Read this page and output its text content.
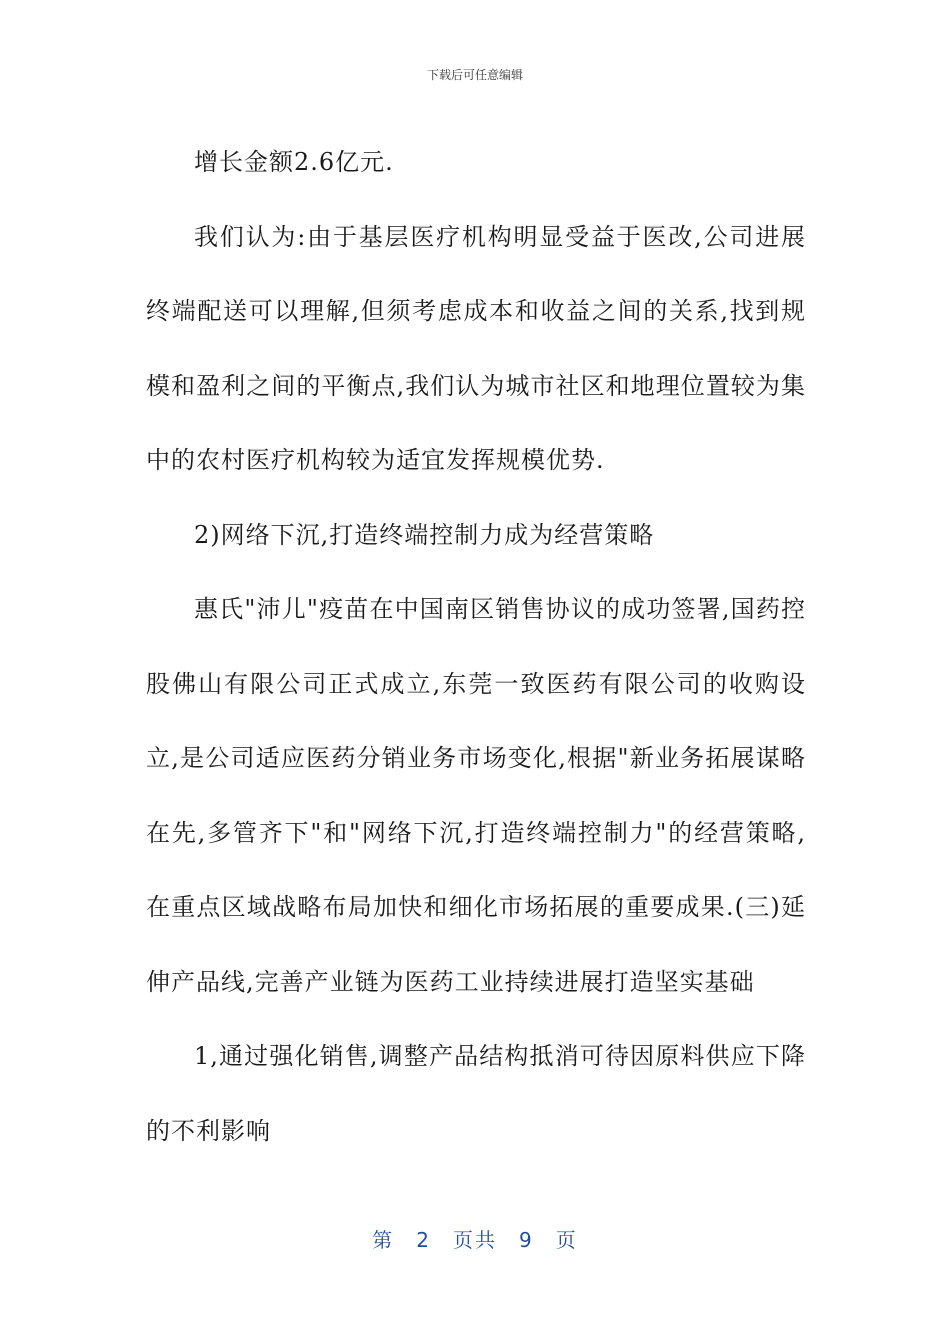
下载后可任意编辑

增长金额2.6亿元.

我们认为:由于基层医疗机构明显受益于医改,公司进展终端配送可以理解,但须考虑成本和收益之间的关系,找到规模和盈利之间的平衡点,我们认为城市社区和地理位置较为集中的农村医疗机构较为适宜发挥规模优势.

2)网络下沉,打造终端控制力成为经营策略

惠氏"沛儿"疫苗在中国南区销售协议的成功签署,国药控股佛山有限公司正式成立,东莞一致医药有限公司的收购设立,是公司适应医药分销业务市场变化,根据"新业务拓展谋略在先,多管齐下"和"网络下沉,打造终端控制力"的经营策略,在重点区域战略布局加快和细化市场拓展的重要成果.(三)延伸产品线,完善产业链为医药工业持续进展打造坚实基础

1,通过强化销售,调整产品结构抵消可待因原料供应下降的不利影响

第 2 页共 9 页
